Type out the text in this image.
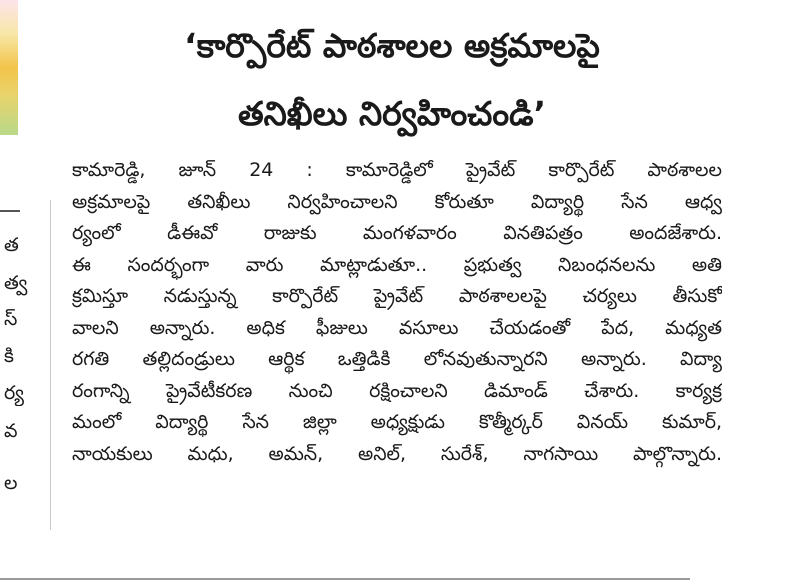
త
త్వ
స్
కి
ర్య
వ
ల
‘కార్పొరేట్ పాఠశాలల అక్రమాలపై
తనిఖీలు నిర్వహించండి’
కామారెడ్డి, జూన్ 24 : కామారెడ్డిలో ప్రైవేట్ కార్పొరేట్ పాఠశాలల
అక్రమాలపై తనిఖీలు నిర్వహించాలని కోరుతూ విద్యార్థి సేన ఆధ్వ
ర్యంలో డీఈవో రాజుకు మంగళవారం వినతిపత్రం అందజేశారు.
ఈ సందర్భంగా వారు మాట్లాడుతూ.. ప్రభుత్వ నిబంధనలను అతి
క్రమిస్తూ నడుస్తున్న కార్పొరేట్ ప్రైవేట్ పాఠశాలలపై చర్యలు తీసుకో
వాలని అన్నారు. అధిక ఫీజులు వసూలు చేయడంతో పేద, మధ్యత
రగతి తల్లిదండ్రులు ఆర్థిక ఒత్తిడికి లోనవుతున్నారని అన్నారు. విద్యా
రంగాన్ని ప్రైవేటీకరణ నుంచి రక్షించాలని డిమాండ్ చేశారు. కార్యక్ర
మంలో విద్యార్థి సేన జిల్లా అధ్యక్షుడు కొత్మీర్కర్ వినయ్ కుమార్,
నాయకులు మధు, అమన్, అనిల్, సురేశ్, నాగసాయి పాల్గొన్నారు.
